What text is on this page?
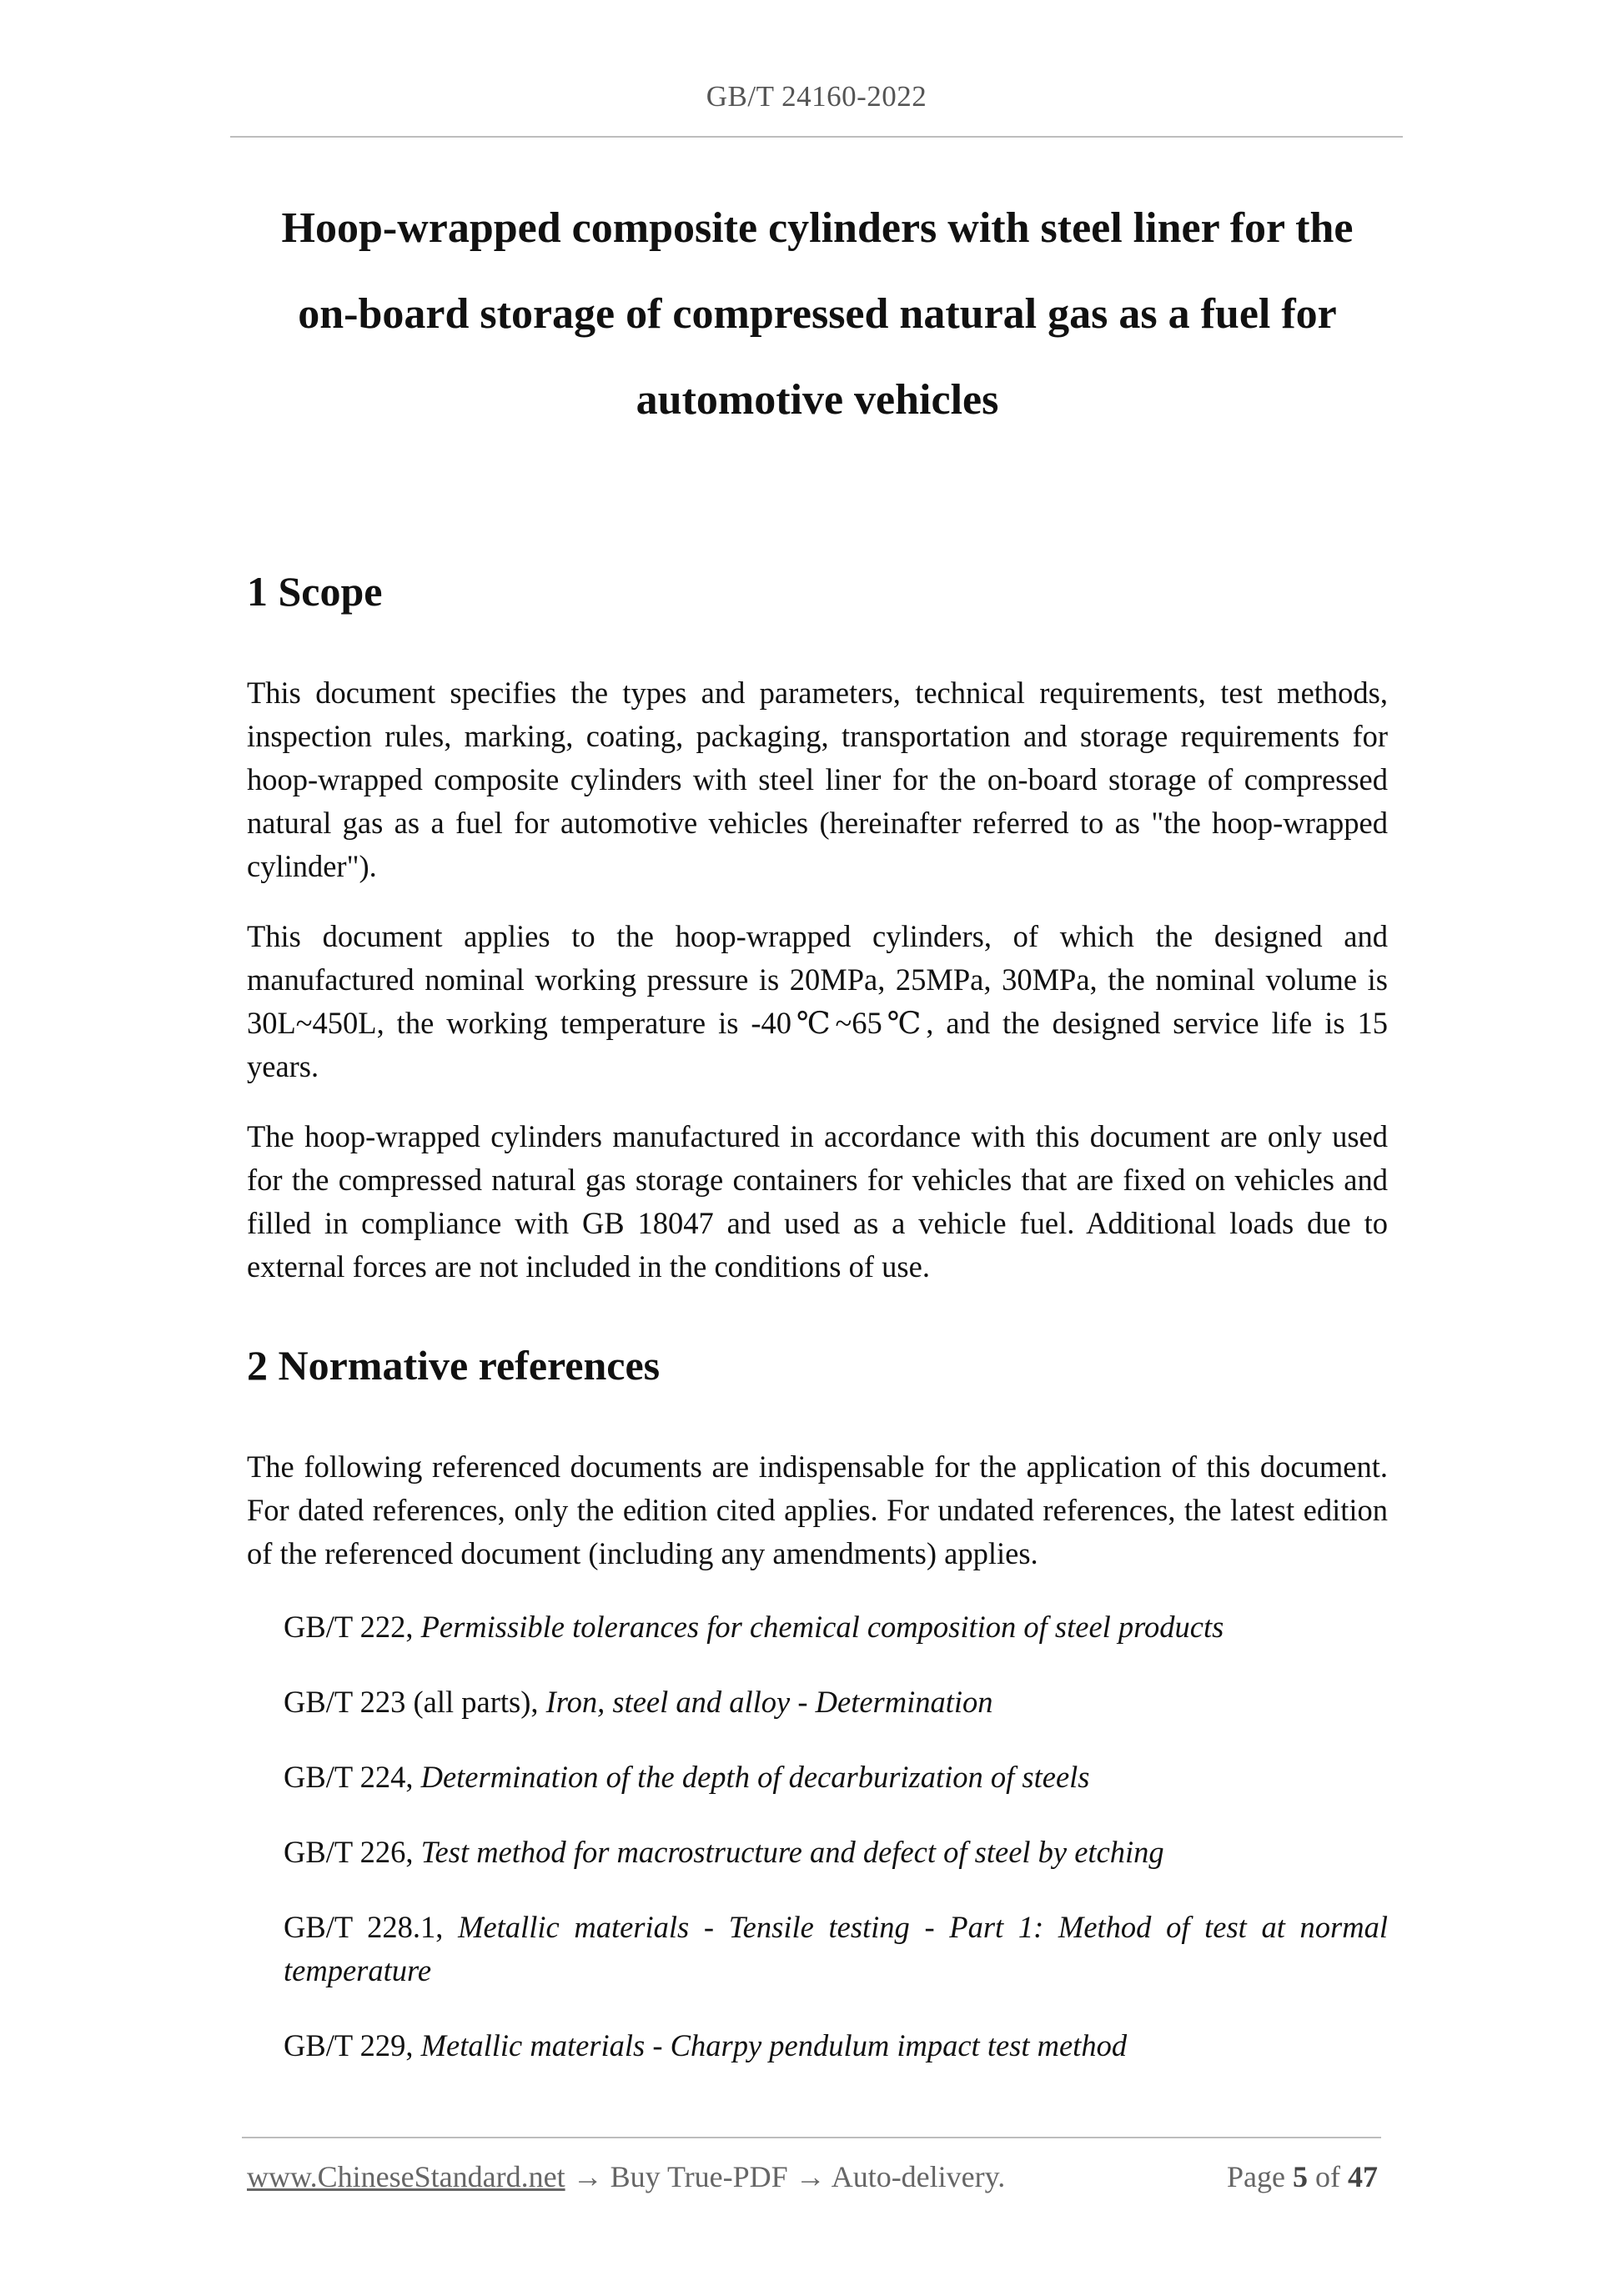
GB/T 24160-2022
Hoop-wrapped composite cylinders with steel liner for the
on-board storage of compressed natural gas as a fuel for
automotive vehicles
1 Scope

This document specifies the types and parameters, technical requirements, test methods, inspection rules, marking, coating, packaging, transportation and storage requirements for hoop-wrapped composite cylinders with steel liner for the on-board storage of compressed natural gas as a fuel for automotive vehicles (hereinafter referred to as "the hoop-wrapped cylinder").

This document applies to the hoop-wrapped cylinders, of which the designed and manufactured nominal working pressure is 20MPa, 25MPa, 30MPa, the nominal volume is 30L~450L, the working temperature is -40℃~65℃, and the designed service life is 15 years.

The hoop-wrapped cylinders manufactured in accordance with this document are only used for the compressed natural gas storage containers for vehicles that are fixed on vehicles and filled in compliance with GB 18047 and used as a vehicle fuel. Additional loads due to external forces are not included in the conditions of use.

2 Normative references

The following referenced documents are indispensable for the application of this document. For dated references, only the edition cited applies. For undated references, the latest edition of the referenced document (including any amendments) applies.

GB/T 222, Permissible tolerances for chemical composition of steel products
GB/T 223 (all parts), Iron, steel and alloy - Determination
GB/T 224, Determination of the depth of decarburization of steels
GB/T 226, Test method for macrostructure and defect of steel by etching
GB/T 228.1, Metallic materials - Tensile testing - Part 1: Method of test at normal temperature
GB/T 229, Metallic materials - Charpy pendulum impact test method
www.ChineseStandard.net → Buy True-PDF → Auto-delivery.	Page 5 of 47
